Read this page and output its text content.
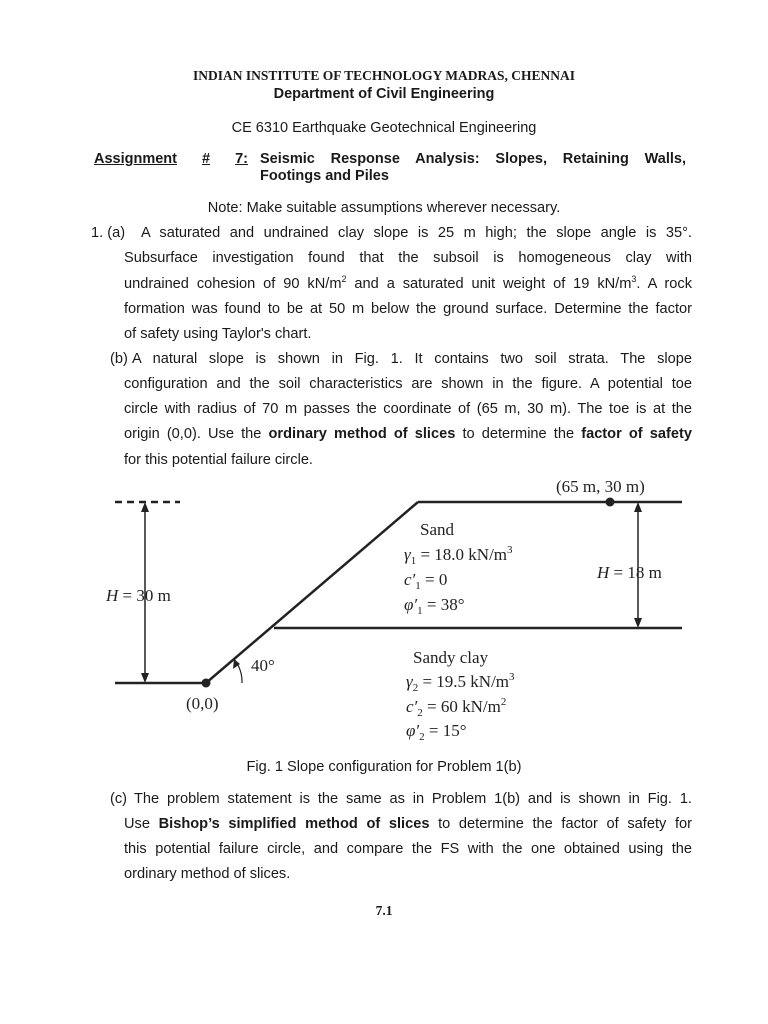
INDIAN INSTITUTE OF TECHNOLOGY MADRAS, CHENNAI
Department of Civil Engineering
CE 6310 Earthquake Geotechnical Engineering
Assignment # 7: Seismic Response Analysis: Slopes, Retaining Walls,
Footings and Piles
Note: Make suitable assumptions wherever necessary.
1. (a) A saturated and undrained clay slope is 25 m high; the slope angle is 35°.
Subsurface investigation found that the subsoil is homogeneous clay with
undrained cohesion of 90 $kN/m^2$ and a saturated unit weight of 19 $kN/m^3$. A rock
formation was found to be at 50 m below the ground surface. Determine the factor
of safety using Taylor's chart.
(b) A natural slope is shown in Fig. 1. It contains two soil strata. The slope
configuration and the soil characteristics are shown in the figure. A potential toe
circle with radius of 70 m passes the coordinate of (65 m, 30 m). The toe is at the
origin (0,0). Use the ordinary method of slices to determine the factor of safety
for this potential failure circle.
(65 m, 30 m)
H = 30 m
H = 18 m
40°
(0,0)
Sand
$\gamma_1 = 18.0$ $kN/m^3$
$c'_1 = 0$
$\varphi'_1 = 38^\circ$
Sandy clay
$\gamma_2 = 19.5$ $kN/m^3$
$c'_2 = 60$ $kN/m^2$
$\varphi'_2 = 15^\circ$
Fig. 1 Slope configuration for Problem 1(b)
(c) The problem statement is the same as in Problem 1(b) and is shown in Fig. 1.
Use Bishop’s simplified method of slices to determine the factor of safety for
this potential failure circle, and compare the FS with the one obtained using the
ordinary method of slices.
7.1
